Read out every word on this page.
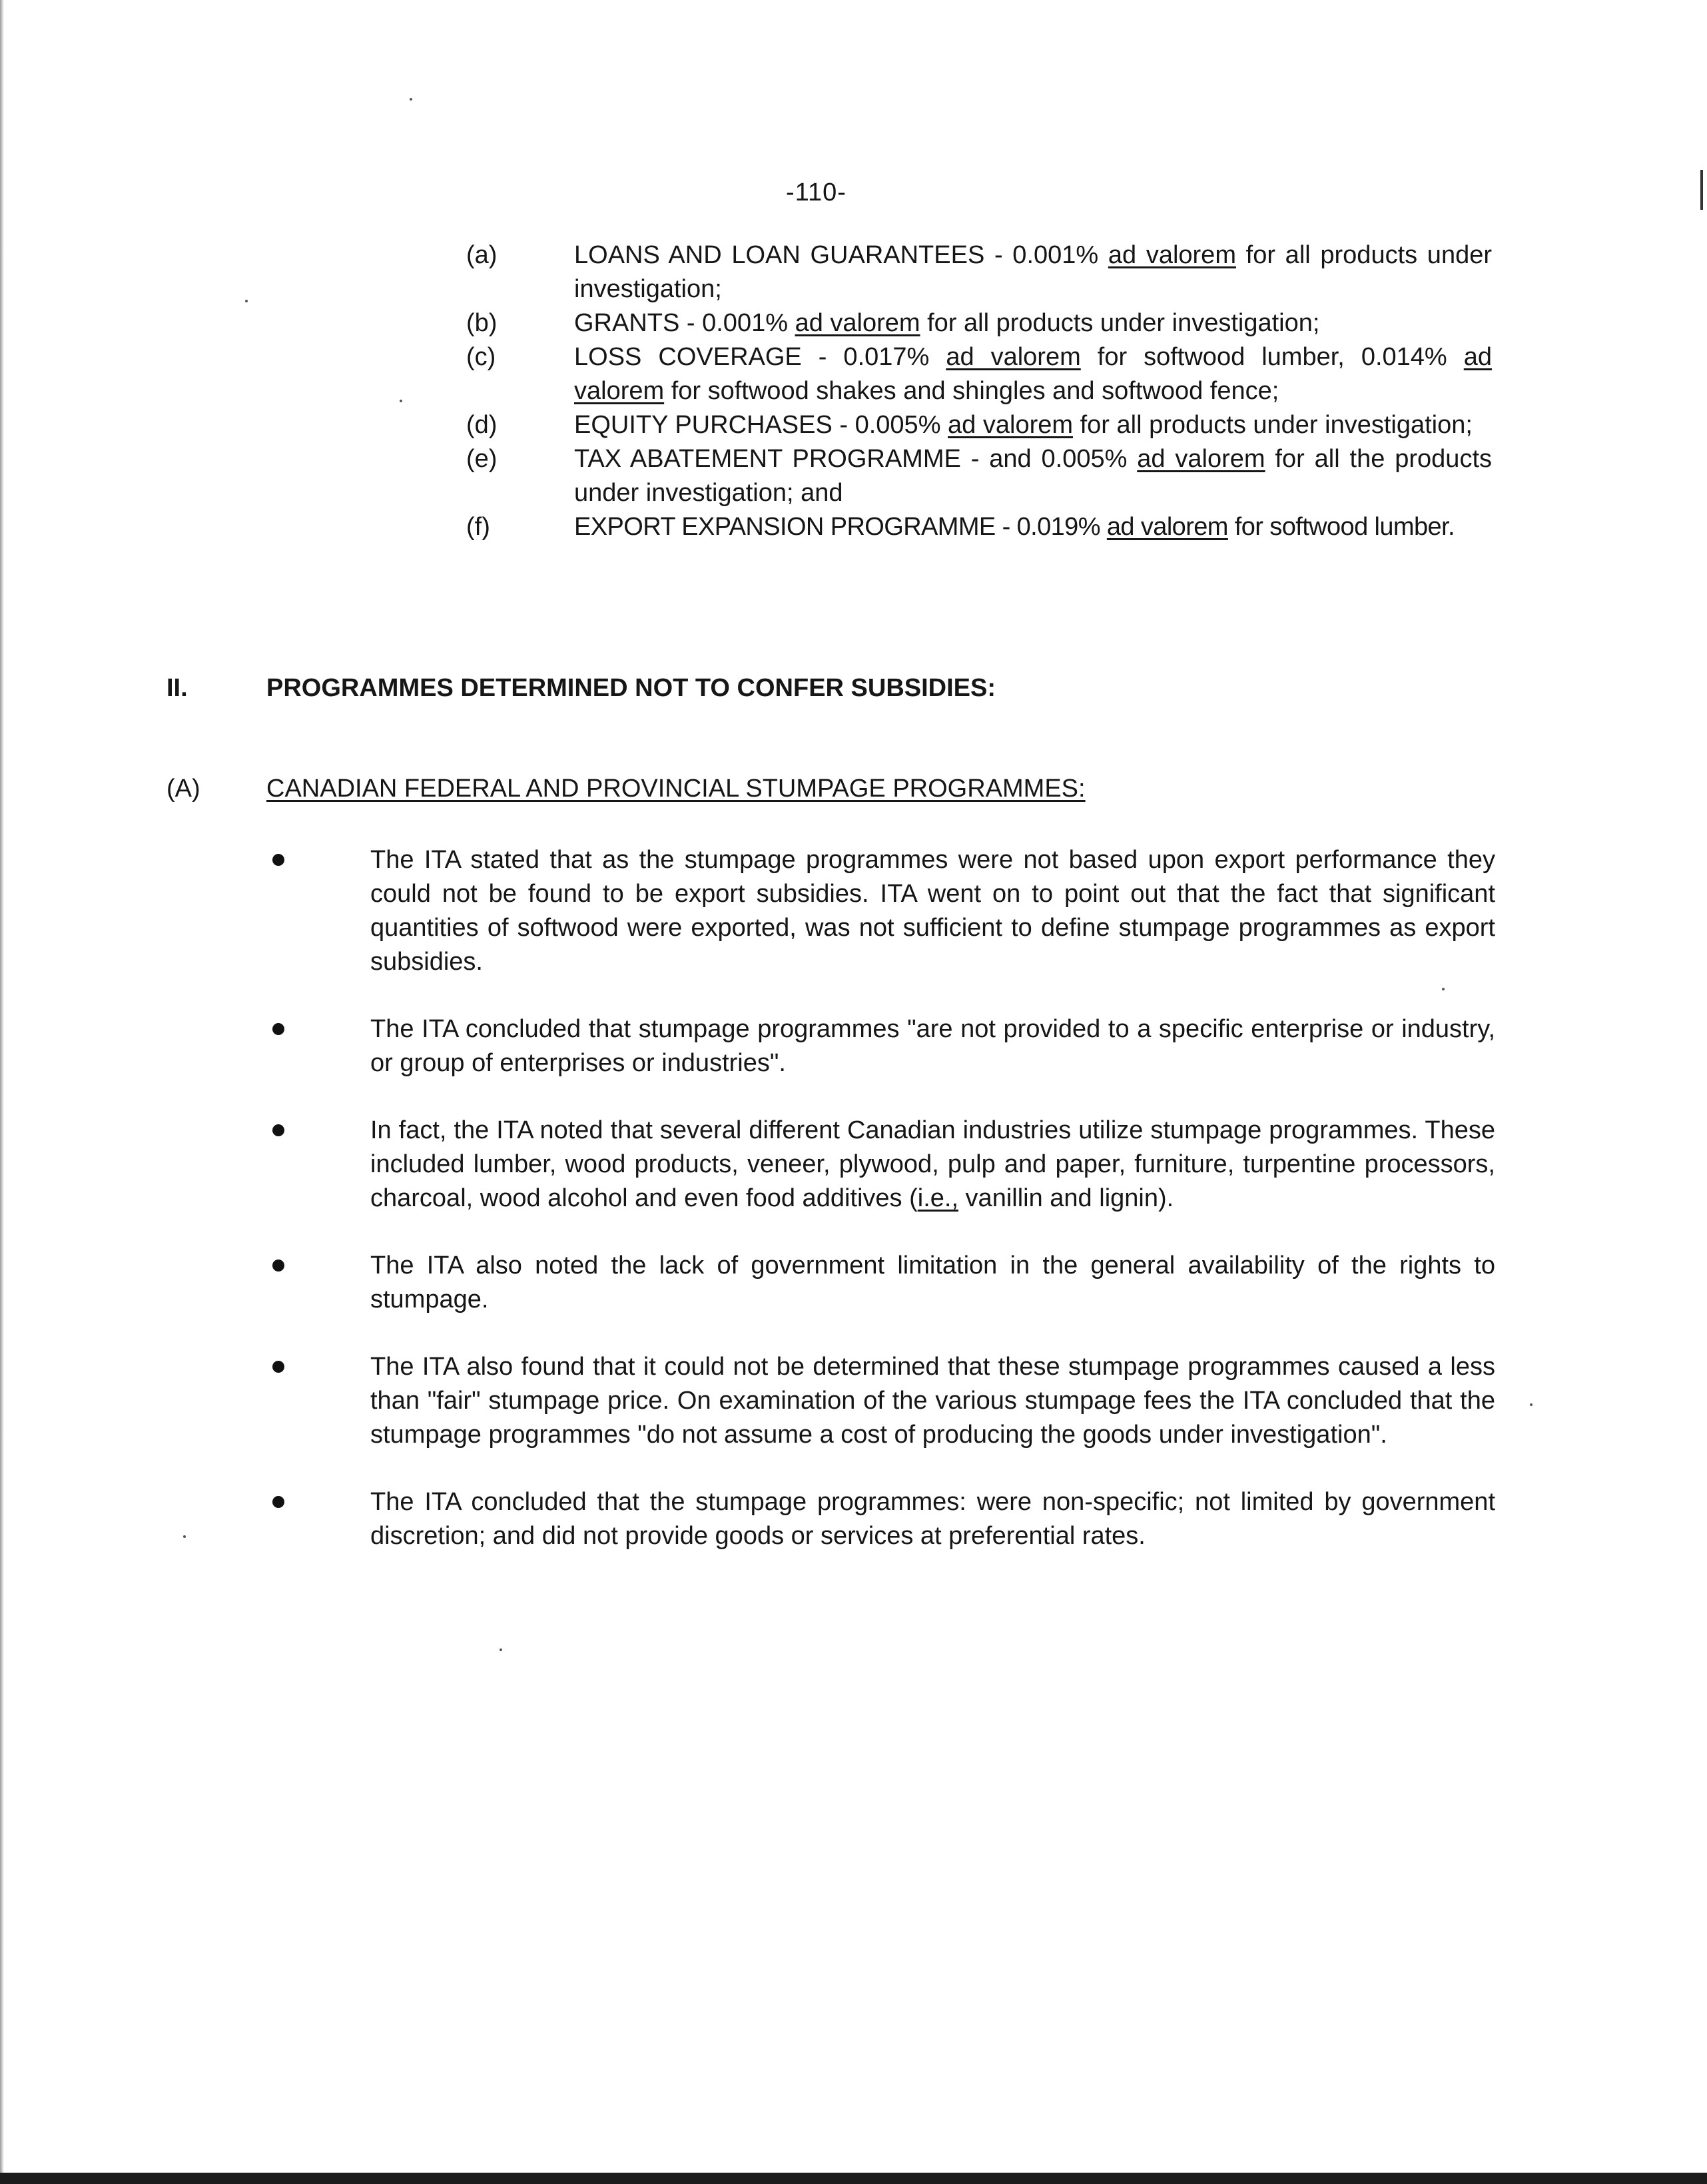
-110-
(a)	LOANS AND LOAN GUARANTEES - 0.001% ad valorem for all products under investigation;
(b)	GRANTS - 0.001% ad valorem for all products under investigation;
(c)	LOSS COVERAGE - 0.017% ad valorem for softwood lumber, 0.014% ad valorem for softwood shakes and shingles and softwood fence;
(d)	EQUITY PURCHASES - 0.005% ad valorem for all products under investigation;
(e)	TAX ABATEMENT PROGRAMME - and 0.005% ad valorem for all the products under investigation; and
(f)	EXPORT EXPANSION PROGRAMME - 0.019% ad valorem for softwood lumber.
II.	PROGRAMMES DETERMINED NOT TO CONFER SUBSIDIES:
(A)	CANADIAN FEDERAL AND PROVINCIAL STUMPAGE PROGRAMMES:
The ITA stated that as the stumpage programmes were not based upon export performance they could not be found to be export subsidies. ITA went on to point out that the fact that significant quantities of softwood were exported, was not sufficient to define stumpage programmes as export subsidies.
The ITA concluded that stumpage programmes "are not provided to a specific enterprise or industry, or group of enterprises or industries".
In fact, the ITA noted that several different Canadian industries utilize stumpage programmes. These included lumber, wood products, veneer, plywood, pulp and paper, furniture, turpentine processors, charcoal, wood alcohol and even food additives (i.e., vanillin and lignin).
The ITA also noted the lack of government limitation in the general availability of the rights to stumpage.
The ITA also found that it could not be determined that these stumpage programmes caused a less than "fair" stumpage price. On examination of the various stumpage fees the ITA concluded that the stumpage programmes "do not assume a cost of producing the goods under investigation".
The ITA concluded that the stumpage programmes: were non-specific; not limited by government discretion; and did not provide goods or services at preferential rates.
